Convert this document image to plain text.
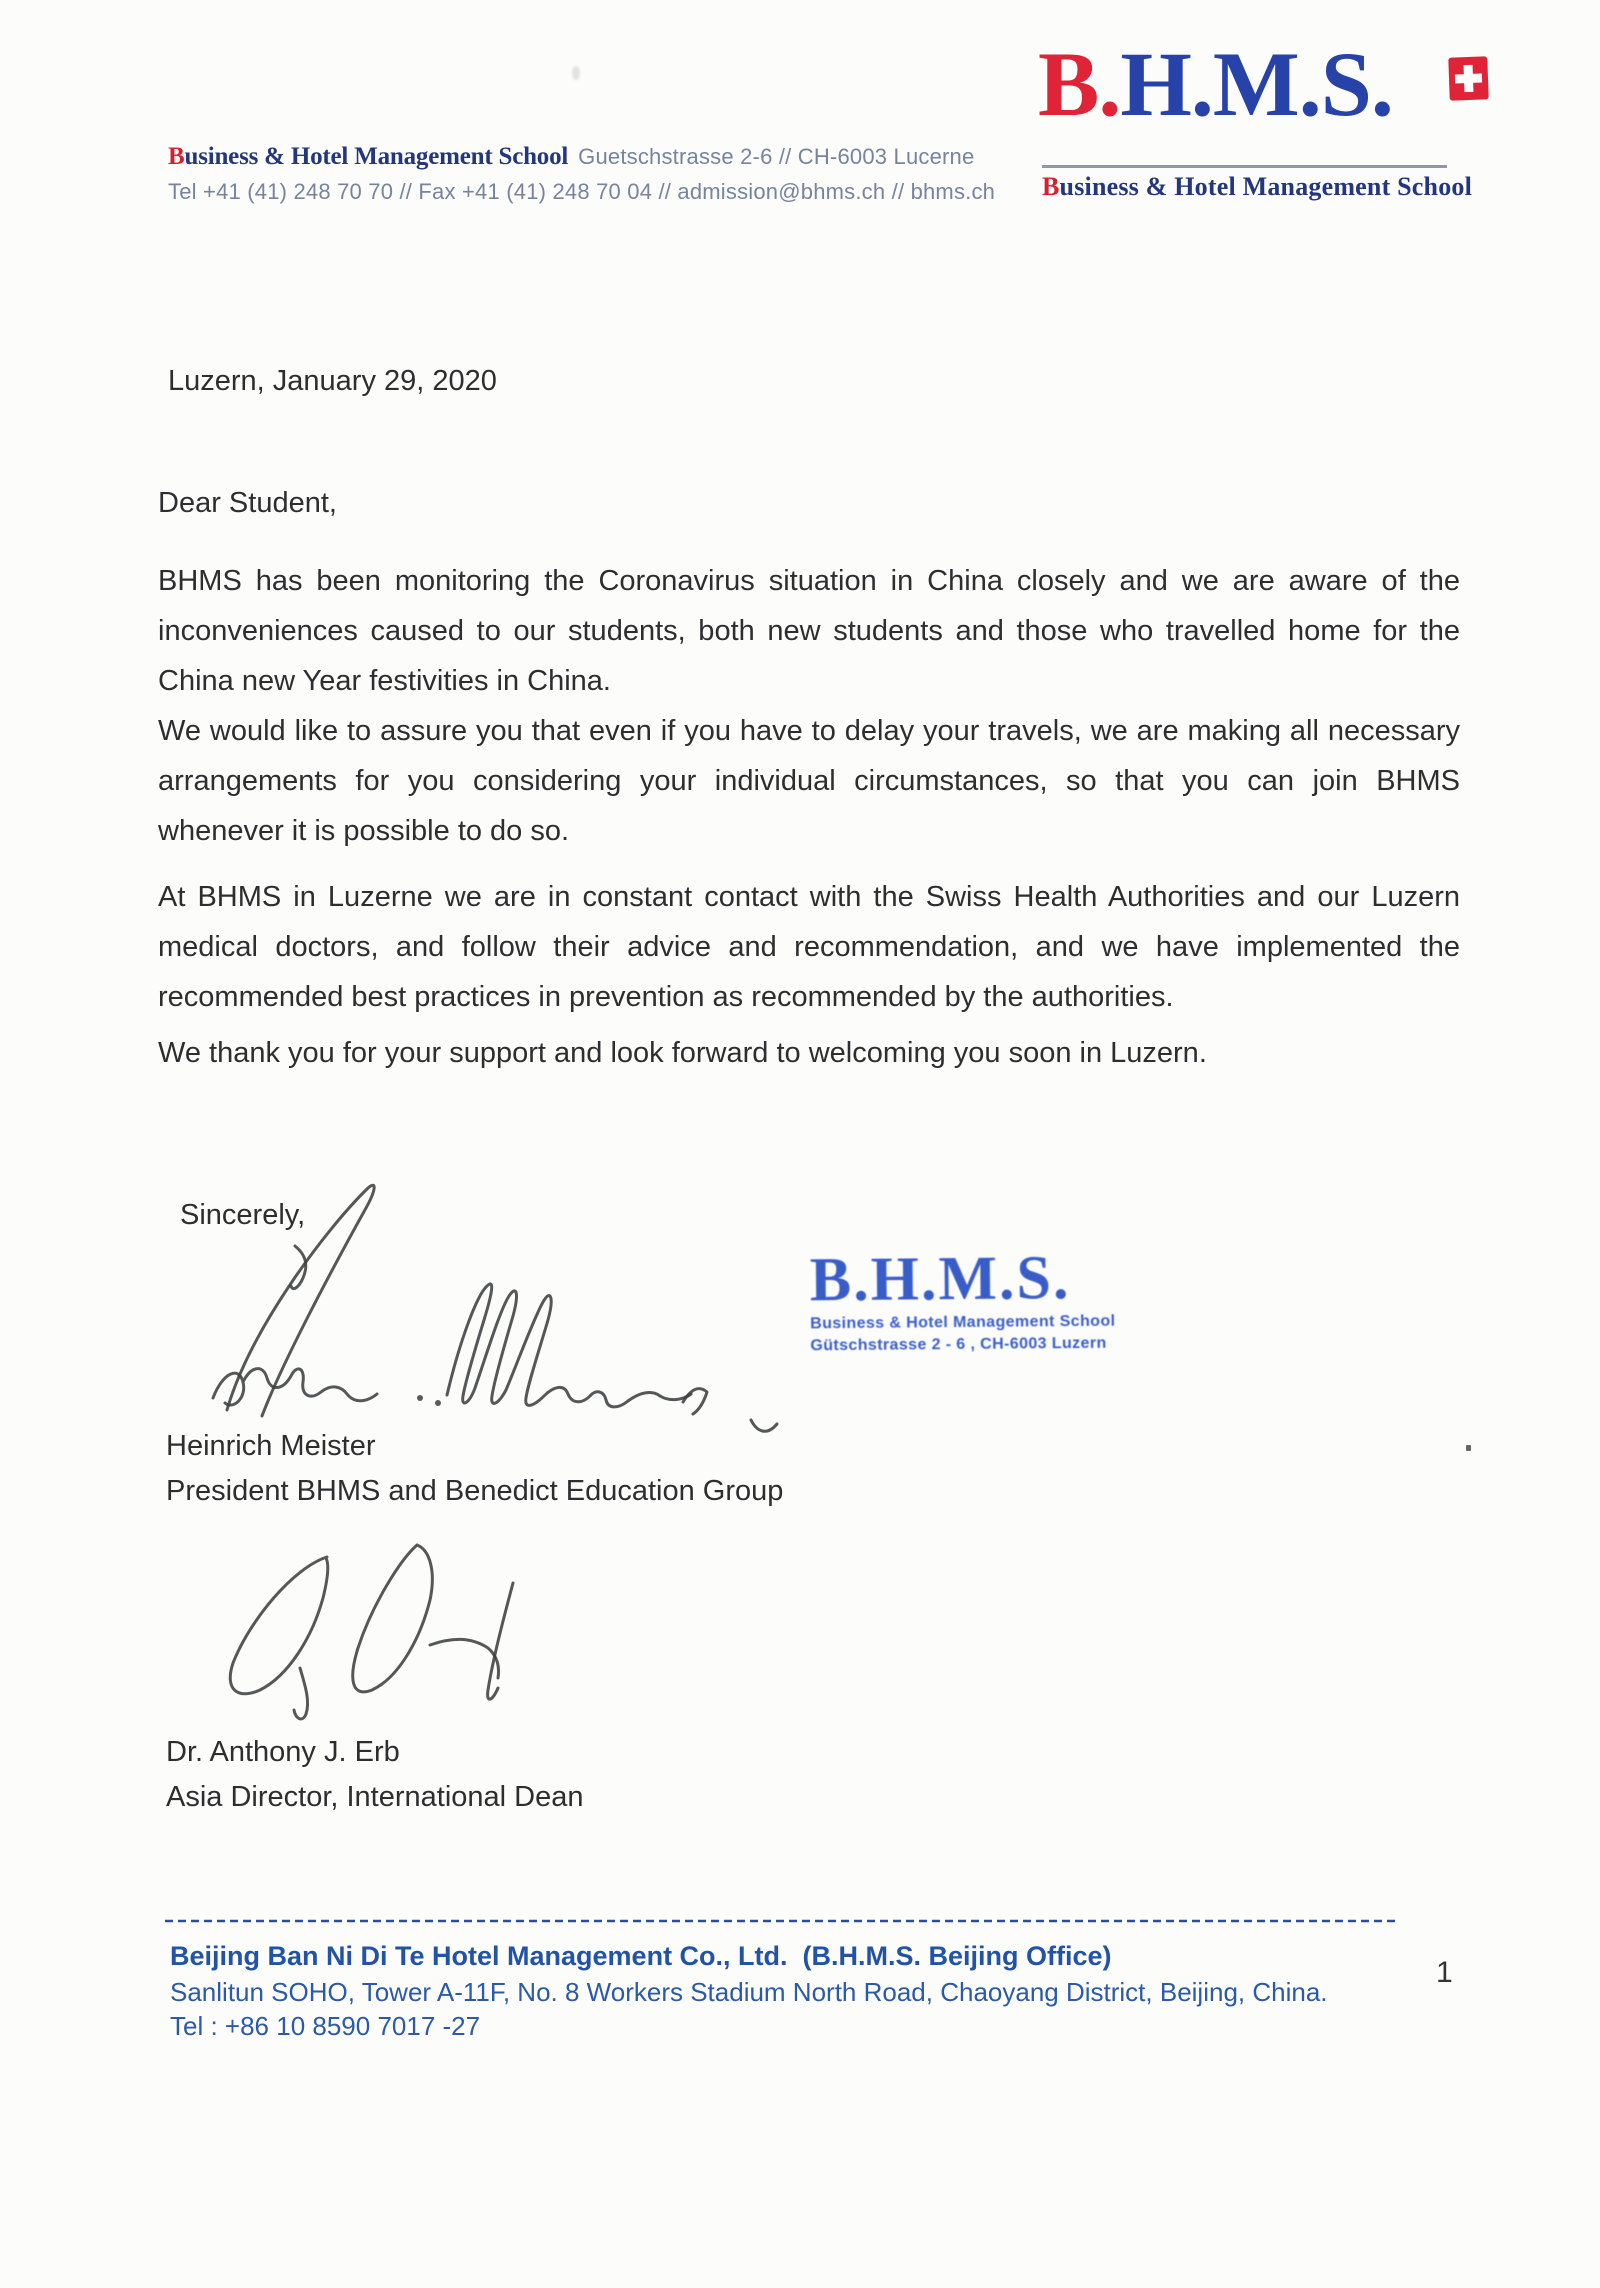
Business & Hotel Management School Guetschstrasse 2-6 // CH-6003 Lucerne
Tel +41 (41) 248 70 70 // Fax +41 (41) 248 70 04 // admission@bhms.ch // bhms.ch
B.H.M.S.
Business & Hotel Management School
Luzern, January 29, 2020
Dear Student,
BHMS has been monitoring the Coronavirus situation in China closely and we are aware of the
inconveniences caused to our students, both new students and those who travelled home for the
China new Year festivities in China.
We would like to assure you that even if you have to delay your travels, we are making all necessary
arrangements for you considering your individual circumstances, so that you can join BHMS
whenever it is possible to do so.
At BHMS in Luzerne we are in constant contact with the Swiss Health Authorities and our Luzern
medical doctors, and follow their advice and recommendation, and we have implemented the
recommended best practices in prevention as recommended by the authorities.
We thank you for your support and look forward to welcoming you soon in Luzern.
Sincerely,
B.H.M.S.
Business & Hotel Management School
Gütschstrasse 2 - 6 , CH-6003 Luzern
Heinrich Meister
President BHMS and Benedict Education Group
Dr. Anthony J. Erb
Asia Director, International Dean
Beijing Ban Ni Di Te Hotel Management Co., Ltd.  (B.H.M.S. Beijing Office)
Sanlitun SOHO, Tower A-11F, No. 8 Workers Stadium North Road, Chaoyang District, Beijing, China.
Tel : +86 10 8590 7017 -27
1
